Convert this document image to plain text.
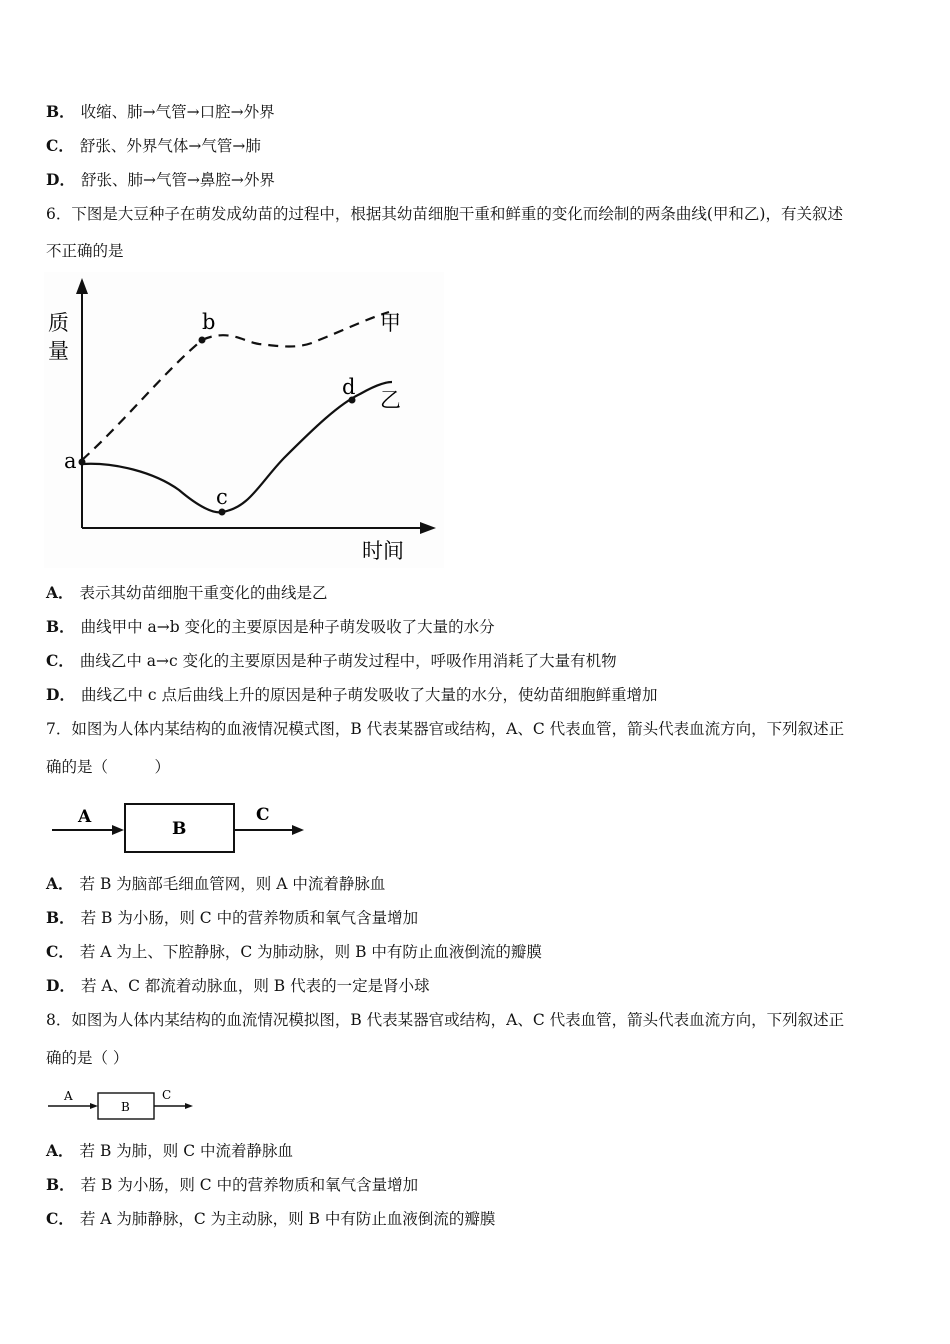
B． 收缩、肺→气管→口腔→外界
C． 舒张、外界气体→气管→肺
D． 舒张、肺→气管→鼻腔→外界
6．下图是大豆种子在萌发成幼苗的过程中，根据其幼苗细胞干重和鲜重的变化而绘制的两条曲线(甲和乙)，有关叙述
不正确的是
质
量
时间
a
b
c
d
甲
乙
A． 表示其幼苗细胞干重变化的曲线是乙
B． 曲线甲中 a→b 变化的主要原因是种子萌发吸收了大量的水分
C． 曲线乙中 a→c 变化的主要原因是种子萌发过程中，呼吸作用消耗了大量有机物
D． 曲线乙中 c 点后曲线上升的原因是种子萌发吸收了大量的水分，使幼苗细胞鲜重增加
7．如图为人体内某结构的血液情况模式图，B 代表某器官或结构，A、C 代表血管，箭头代表血流方向，下列叙述正
确的是（　　　）
A
B
C
A． 若 B 为脑部毛细血管网，则 A 中流着静脉血
B． 若 B 为小肠，则 C 中的营养物质和氧气含量增加
C． 若 A 为上、下腔静脉，C 为肺动脉，则 B 中有防止血液倒流的瓣膜
D． 若 A、C 都流着动脉血，则 B 代表的一定是肾小球
8．如图为人体内某结构的血流情况模拟图，B 代表某器官或结构，A、C 代表血管，箭头代表血流方向，下列叙述正
确的是（ ）
A
B
C
A． 若 B 为肺，则 C 中流着静脉血
B． 若 B 为小肠，则 C 中的营养物质和氧气含量增加
C． 若 A 为肺静脉，C 为主动脉，则 B 中有防止血液倒流的瓣膜
